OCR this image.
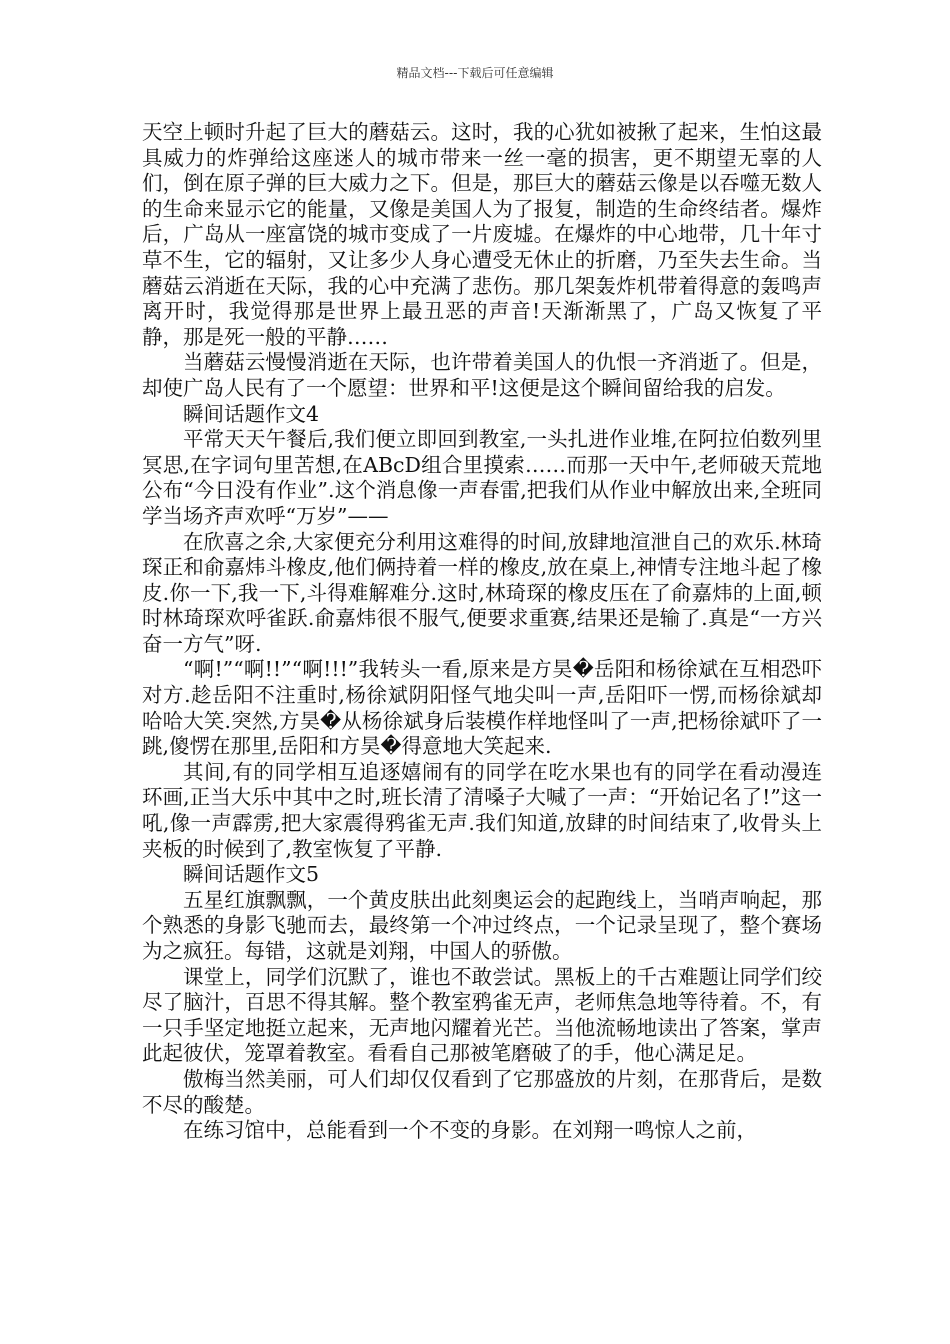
精品文档---下载后可任意编辑

天空上顿时升起了巨大的蘑菇云。这时，我的心犹如被揪了起来，生怕这最具威力的炸弹给这座迷人的城市带来一丝一毫的损害，更不期望无辜的人们，倒在原子弹的巨大威力之下。但是，那巨大的蘑菇云像是以吞噬无数人的生命来显示它的能量，又像是美国人为了报复，制造的生命终结者。爆炸后，广岛从一座富饶的城市变成了一片废墟。在爆炸的中心地带，几十年寸草不生，它的辐射，又让多少人身心遭受无休止的折磨，乃至失去生命。当蘑菇云消逝在天际，我的心中充满了悲伤。那几架轰炸机带着得意的轰鸣声离开时，我觉得那是世界上最丑恶的声音!天渐渐黑了，广岛又恢复了平静，那是死一般的平静……

当蘑菇云慢慢消逝在天际，也许带着美国人的仇恨一齐消逝了。但是，却使广岛人民有了一个愿望：世界和平!这便是这个瞬间留给我的启发。

瞬间话题作文4

平常天天午餐后,我们便立即回到教室,一头扎进作业堆,在阿拉伯数列里冥思,在字词句里苦想,在ABcD组合里摸索……而那一天中午,老师破天荒地公布“今日没有作业”.这个消息像一声春雷,把我们从作业中解放出来,全班同学当场齐声欢呼“万岁”——

在欣喜之余,大家便充分利用这难得的时间,放肆地渲泄自己的欢乐.林琦琛正和俞嘉炜斗橡皮,他们俩持着一样的橡皮,放在桌上,神情专注地斗起了橡皮.你一下,我一下,斗得难解难分.这时,林琦琛的橡皮压在了俞嘉炜的上面,顿时林琦琛欢呼雀跃.俞嘉炜很不服气,便要求重赛,结果还是输了.真是“一方兴奋一方气”呀.

“啊!”“啊!!”“啊!!!”我转头一看,原来是方昊�岳阳和杨徐斌在互相恐吓对方.趁岳阳不注重时,杨徐斌阴阳怪气地尖叫一声,岳阳吓一愣,而杨徐斌却哈哈大笑.突然,方昊�从杨徐斌身后装模作样地怪叫了一声,把杨徐斌吓了一跳,傻愣在那里,岳阳和方昊�得意地大笑起来.

其间,有的同学相互追逐嬉闹有的同学在吃水果也有的同学在看动漫连环画,正当大乐中其中之时,班长清了清嗓子大喊了一声：“开始记名了!”这一吼,像一声霹雳,把大家震得鸦雀无声.我们知道,放肆的时间结束了,收骨头上夹板的时候到了,教室恢复了平静.

瞬间话题作文5

五星红旗飘飘，一个黄皮肤出此刻奥运会的起跑线上，当哨声响起，那个熟悉的身影飞驰而去，最终第一个冲过终点，一个记录呈现了，整个赛场为之疯狂。每错，这就是刘翔，中国人的骄傲。

课堂上，同学们沉默了，谁也不敢尝试。黑板上的千古难题让同学们绞尽了脑汁，百思不得其解。整个教室鸦雀无声，老师焦急地等待着。不，有一只手坚定地挺立起来，无声地闪耀着光芒。当他流畅地读出了答案，掌声此起彼伏，笼罩着教室。看看自己那被笔磨破了的手，他心满足足。

傲梅当然美丽，可人们却仅仅看到了它那盛放的片刻，在那背后，是数不尽的酸楚。

在练习馆中，总能看到一个不变的身影。在刘翔一鸣惊人之前，
